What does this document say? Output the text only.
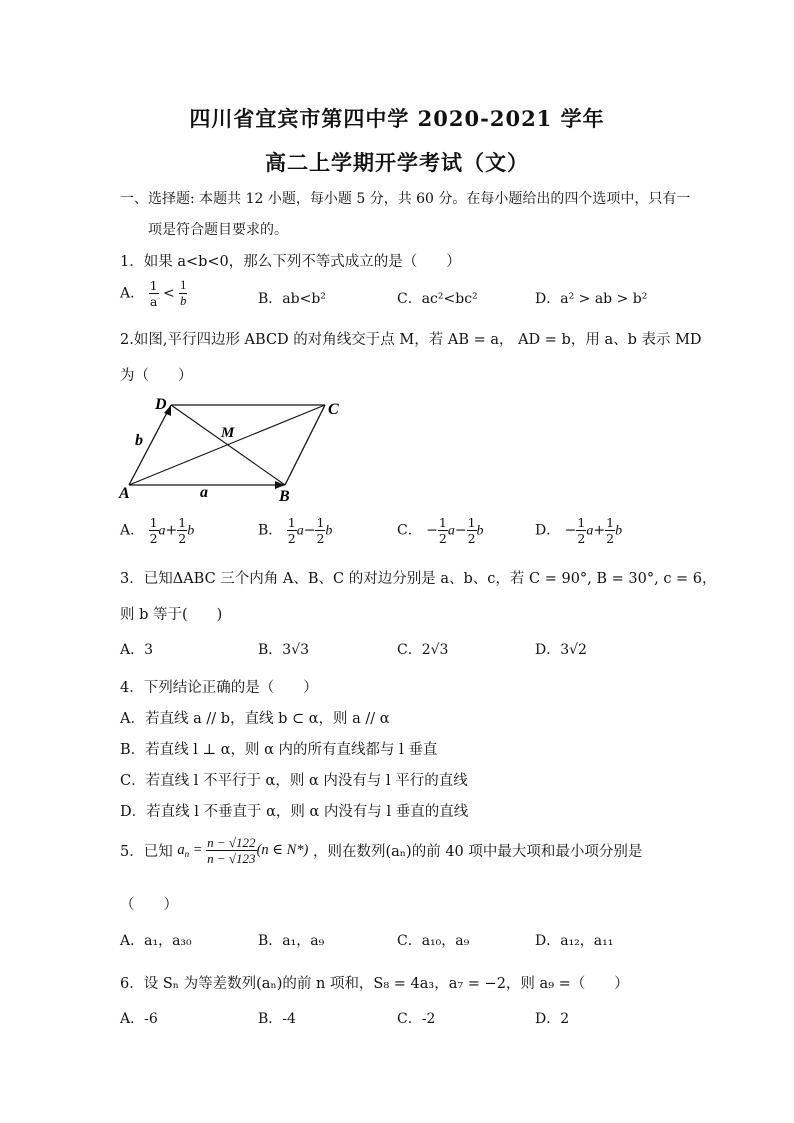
四川省宜宾市第四中学 2020-2021 学年
高二上学期开学考试（文）
一、选择题: 本题共 12 小题，每小题 5 分，共 60 分。在每小题给出的四个选项中，只有一
项是符合题目要求的。
1．如果 a<b<0，那么下列不等式成立的是（　　）
A． $\frac{1}{a} < \frac{1}{b}$	B．ab<b²	C．ac²<bc²	D．a² > ab > b²
2.如图,平行四边形 ABCD 的对角线交于点 M，若 AB = a， AD = b，用 a、b 表示 MD
为（　　）
D	C
M
A	B
a
b
A． $\frac{1}{2} a+ \frac{1}{2}$ b	B． $\frac{1}{2} a- \frac{1}{2}$ b	C． − $\frac{1}{2} a- \frac{1}{2}$ b	D． − $\frac{1}{2} a+ \frac{1}{2}$ b
3．已知ΔABC 三个内角 A、B、C 的对边分别是 a、b、c，若 C = 90°, B = 30°, c = 6，
则 b 等于(　　)
A．3	B．3√3	C．2√3	D．3√2
4．下列结论正确的是（　　）
A．若直线 a // b，直线 b ⊂ α，则 a // α
B．若直线 l ⊥ α，则 α 内的所有直线都与 l 垂直
C．若直线 l 不平行于 α，则 α 内没有与 l 平行的直线
D．若直线 l 不垂直于 α，则 α 内没有与 l 垂直的直线
5．已知 $a_n = \frac{n - √122}{n - √123} (n$ ∈ N*) ，则在数列(aₙ)的前 40 项中最大项和最小项分别是
（　　）
A．a₁，a₃₀	B．a₁，a₉	C．a₁₀，a₉	D．a₁₂，a₁₁
6．设 Sₙ 为等差数列(aₙ)的前 n 项和，S₈ = 4a₃，a₇ = −2，则 a₉ =（　　）
A．-6	B．-4	C．-2	D．2
